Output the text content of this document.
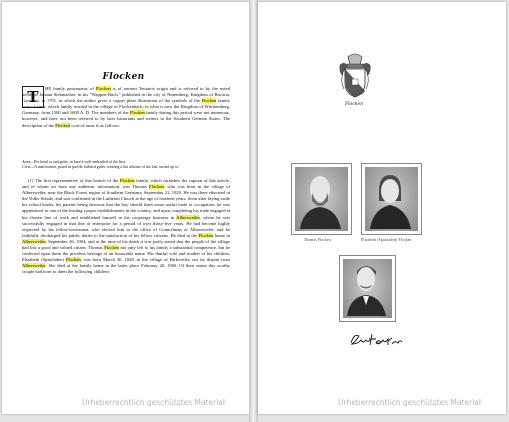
Flocken
T	HE family patronymic of Flocken is of ancient Teutonic origin and is referred to by the noted heraldist Johann Siebmacher, in his "Wappen-Buch," published in the city of Nuremberg, Kingdom of Bavaria, Germany, in 1701, in which the author gives a copper plate illustration of the symbols of the Flocken family coat-of-arms, which family resided in the village of Flockenbach, in what is now the Kingdom of Württemberg, Germany, from 1500 and 1600 A. D. The members of the Flocken family during this period were not numerous, however, and have not been referred to by later historians and writers in the Southern German States. The description of the Flocken coat-of-arms is as follows:
Arms—Per bend or and gules, in base a wolf embattled of the first.
Crest—A man bonnet, posed in profile, habited gules, wearing a hat affronte of the last, turned up or.
(1) The first representative of this branch of the Flocken family, which furnishes the caption of this article, and of whom we have any authentic information, was Thomas Flocken, who was born in the village of Albersweiler, near the Black Forest region of Southern Germany, September 22, 1829. He was there educated in the Volks-Schule, and was confirmed in the Lutheran Church at the age of fourteen years. Soon after laying aside his school books, his parents being desirous that the boy should learn some useful trade or occupation, he was apprenticed to one of the leading cooper establishments in the country, and upon completing his trade engaged at his chosen line of work and established himself in the cooperage business in Albersweiler, where he was successfully engaged in that line of enterprise for a period of over thirty-five years. He had become highly respected by his fellow-townsmen, who elected him to the office of Councilman of Albersweiler, and he faithfully discharged his public duties to the satisfaction of his fellow citizens. He died at the Flocken home in Albersweiler, September 26, 1904, and at the time of his death it was justly stated that the people of the village had lost a good and valued citizen. Thomas Flocken not only left to his family a substantial competence, but he conferred upon them the priceless heritage of an honorable name. His dutiful wife and mother of his children, Elizabeth (Spitzfaden) Flocken, was born March 30, 1828, in the village of Birkweiler, not far distant from Albersweiler. She died at the family home in the latter place February 20, 1906. Of their union this worthy couple had born to them the following children:
Urheberrechtlich geschütztes Material
Flocken
Thomas Flocken	Elisabeth (Spitzfaden) Flocken
Urheberrechtlich geschütztes Material
